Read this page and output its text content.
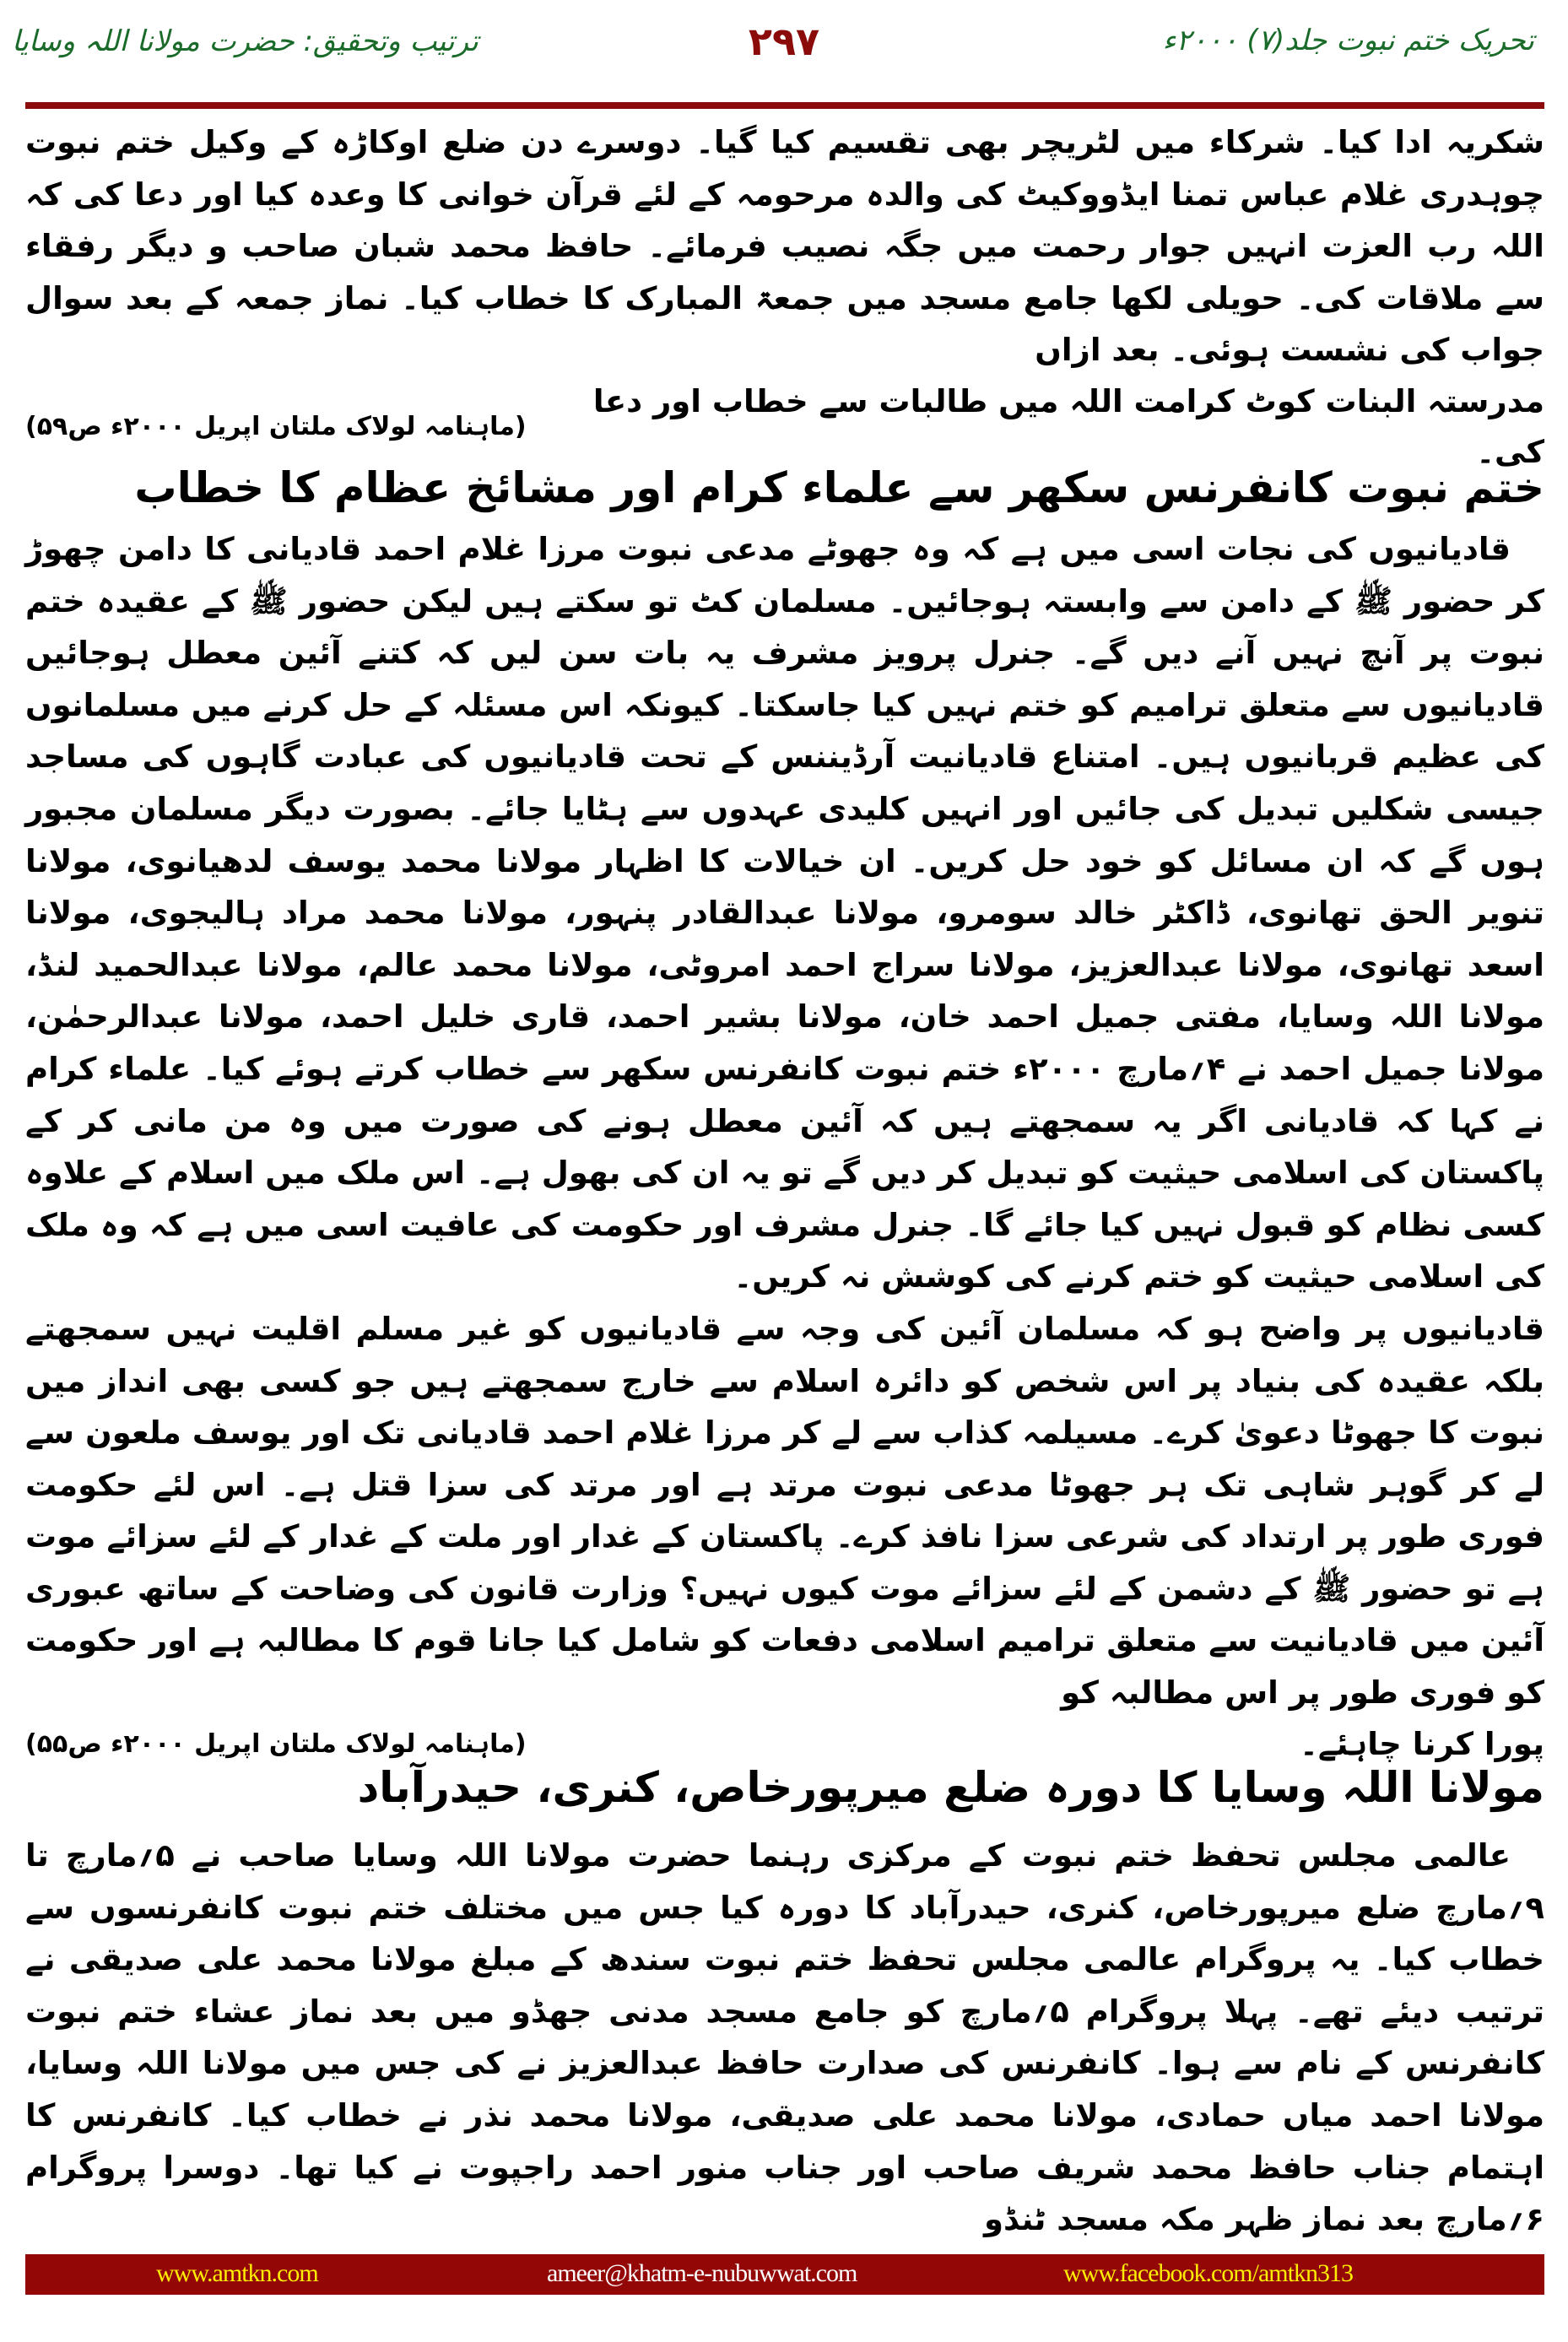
تحریک ختم نبوت جلد(۷) ۲۰۰۰ء
۲۹۷
ترتیب وتحقیق: حضرت مولانا اللہ وسایا

شکریہ ادا کیا۔ شرکاء میں لٹریچر بھی تقسیم کیا گیا۔ دوسرے دن ضلع اوکاڑہ کے وکیل ختم نبوت چوہدری غلام عباس تمنا ایڈووکیٹ کی والدہ مرحومہ کے لئے قرآن خوانی کا وعدہ کیا اور دعا کی کہ اللہ رب العزت انہیں جوار رحمت میں جگہ نصیب فرمائے۔ حافظ محمد شبان صاحب و دیگر رفقاء سے ملاقات کی۔ حویلی لکھا جامع مسجد میں جمعۃ المبارک کا خطاب کیا۔ نماز جمعہ کے بعد سوال جواب کی نشست ہوئی۔ بعد ازاں

مدرستہ البنات کوٹ کرامت اللہ میں طالبات سے خطاب اور دعا کی۔
(ماہنامہ لولاک ملتان اپریل ۲۰۰۰ء ص۵۹)
ختم نبوت کانفرنس سکھر سے علماء کرام اور مشائخ عظام کا خطاب

قادیانیوں کی نجات اسی میں ہے کہ وہ جھوٹے مدعی نبوت مرزا غلام احمد قادیانی کا دامن چھوڑ کر حضور ﷺ کے دامن سے وابستہ ہوجائیں۔ مسلمان کٹ تو سکتے ہیں لیکن حضور ﷺ کے عقیدہ ختم نبوت پر آنچ نہیں آنے دیں گے۔ جنرل پرویز مشرف یہ بات سن لیں کہ کتنے آئین معطل ہوجائیں قادیانیوں سے متعلق ترامیم کو ختم نہیں کیا جاسکتا۔ کیونکہ اس مسئلہ کے حل کرنے میں مسلمانوں کی عظیم قربانیوں ہیں۔ امتناع قادیانیت آرڈیننس کے تحت قادیانیوں کی عبادت گاہوں کی مساجد جیسی شکلیں تبدیل کی جائیں اور انہیں کلیدی عہدوں سے ہٹایا جائے۔ بصورت دیگر مسلمان مجبور ہوں گے کہ ان مسائل کو خود حل کریں۔ ان خیالات کا اظہار مولانا محمد یوسف لدھیانوی، مولانا تنویر الحق تھانوی، ڈاکٹر خالد سومرو، مولانا عبدالقادر پنہور، مولانا محمد مراد ہالیجوی، مولانا اسعد تھانوی، مولانا عبدالعزیز، مولانا سراج احمد امروٹی، مولانا محمد عالم، مولانا عبدالحمید لنڈ، مولانا اللہ وسایا، مفتی جمیل احمد خان، مولانا بشیر احمد، قاری خلیل احمد، مولانا عبدالرحمٰن، مولانا جمیل احمد نے ۴؍مارچ ۲۰۰۰ء ختم نبوت کانفرنس سکھر سے خطاب کرتے ہوئے کیا۔ علماء کرام نے کہا کہ قادیانی اگر یہ سمجھتے ہیں کہ آئین معطل ہونے کی صورت میں وہ من مانی کر کے پاکستان کی اسلامی حیثیت کو تبدیل کر دیں گے تو یہ ان کی بھول ہے۔ اس ملک میں اسلام کے علاوہ کسی نظام کو قبول نہیں کیا جائے گا۔ جنرل مشرف اور حکومت کی عافیت اسی میں ہے کہ وہ ملک کی اسلامی حیثیت کو ختم کرنے کی کوشش نہ کریں۔

قادیانیوں پر واضح ہو کہ مسلمان آئین کی وجہ سے قادیانیوں کو غیر مسلم اقلیت نہیں سمجھتے بلکہ عقیدہ کی بنیاد پر اس شخص کو دائرہ اسلام سے خارج سمجھتے ہیں جو کسی بھی انداز میں نبوت کا جھوٹا دعویٰ کرے۔ مسیلمہ کذاب سے لے کر مرزا غلام احمد قادیانی تک اور یوسف ملعون سے لے کر گوہر شاہی تک ہر جھوٹا مدعی نبوت مرتد ہے اور مرتد کی سزا قتل ہے۔ اس لئے حکومت فوری طور پر ارتداد کی شرعی سزا نافذ کرے۔ پاکستان کے غدار اور ملت کے غدار کے لئے سزائے موت ہے تو حضور ﷺ کے دشمن کے لئے سزائے موت کیوں نہیں؟ وزارت قانون کی وضاحت کے ساتھ عبوری آئین میں قادیانیت سے متعلق ترامیم اسلامی دفعات کو شامل کیا جانا قوم کا مطالبہ ہے اور حکومت کو فوری طور پر اس مطالبہ کو

پورا کرنا چاہئے۔
(ماہنامہ لولاک ملتان اپریل ۲۰۰۰ء ص۵۵)
مولانا اللہ وسایا کا دورہ ضلع میرپورخاص، کنری، حیدرآباد

عالمی مجلس تحفظ ختم نبوت کے مرکزی رہنما حضرت مولانا اللہ وسایا صاحب نے ۵؍مارچ تا ۹؍مارچ ضلع میرپورخاص، کنری، حیدرآباد کا دورہ کیا جس میں مختلف ختم نبوت کانفرنسوں سے خطاب کیا۔ یہ پروگرام عالمی مجلس تحفظ ختم نبوت سندھ کے مبلغ مولانا محمد علی صدیقی نے ترتیب دیئے تھے۔ پہلا پروگرام ۵؍مارچ کو جامع مسجد مدنی جھڈو میں بعد نماز عشاء ختم نبوت کانفرنس کے نام سے ہوا۔ کانفرنس کی صدارت حافظ عبدالعزیز نے کی جس میں مولانا اللہ وسایا، مولانا احمد میاں حمادی، مولانا محمد علی صدیقی، مولانا محمد نذر نے خطاب کیا۔ کانفرنس کا اہتمام جناب حافظ محمد شریف صاحب اور جناب منور احمد راجپوت نے کیا تھا۔ دوسرا پروگرام ۶؍مارچ بعد نماز ظہر مکہ مسجد ٹنڈو

www.amtkn.com	ameer@khatm-e-nubuwwat.com	www.facebook.com/amtkn313
